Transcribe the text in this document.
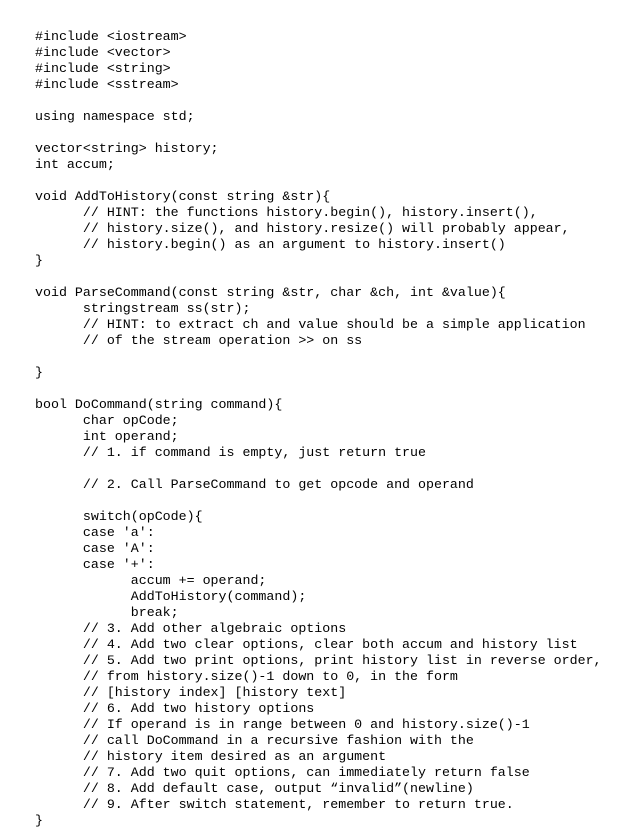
#include <iostream>
#include <vector>
#include <string>
#include <sstream>
using namespace std;
vector<string> history;
int accum;
void AddToHistory(const string &str){
// HINT: the functions history.begin(), history.insert(),
// history.size(), and history.resize() will probably appear,
// history.begin() as an argument to history.insert()
}
void ParseCommand(const string &str, char &ch, int &value){
stringstream ss(str);
// HINT: to extract ch and value should be a simple application
// of the stream operation >> on ss
}
bool DoCommand(string command){
char opCode;
int operand;
// 1. if command is empty, just return true
// 2. Call ParseCommand to get opcode and operand
switch(opCode){
case 'a':
case 'A':
case '+':
accum += operand;
AddToHistory(command);
break;
// 3. Add other algebraic options
// 4. Add two clear options, clear both accum and history list
// 5. Add two print options, print history list in reverse order,
// from history.size()-1 down to 0, in the form
// [history index] [history text]
// 6. Add two history options
// If operand is in range between 0 and history.size()-1
// call DoCommand in a recursive fashion with the
// history item desired as an argument
// 7. Add two quit options, can immediately return false
// 8. Add default case, output “invalid”(newline)
// 9. After switch statement, remember to return true.
}
